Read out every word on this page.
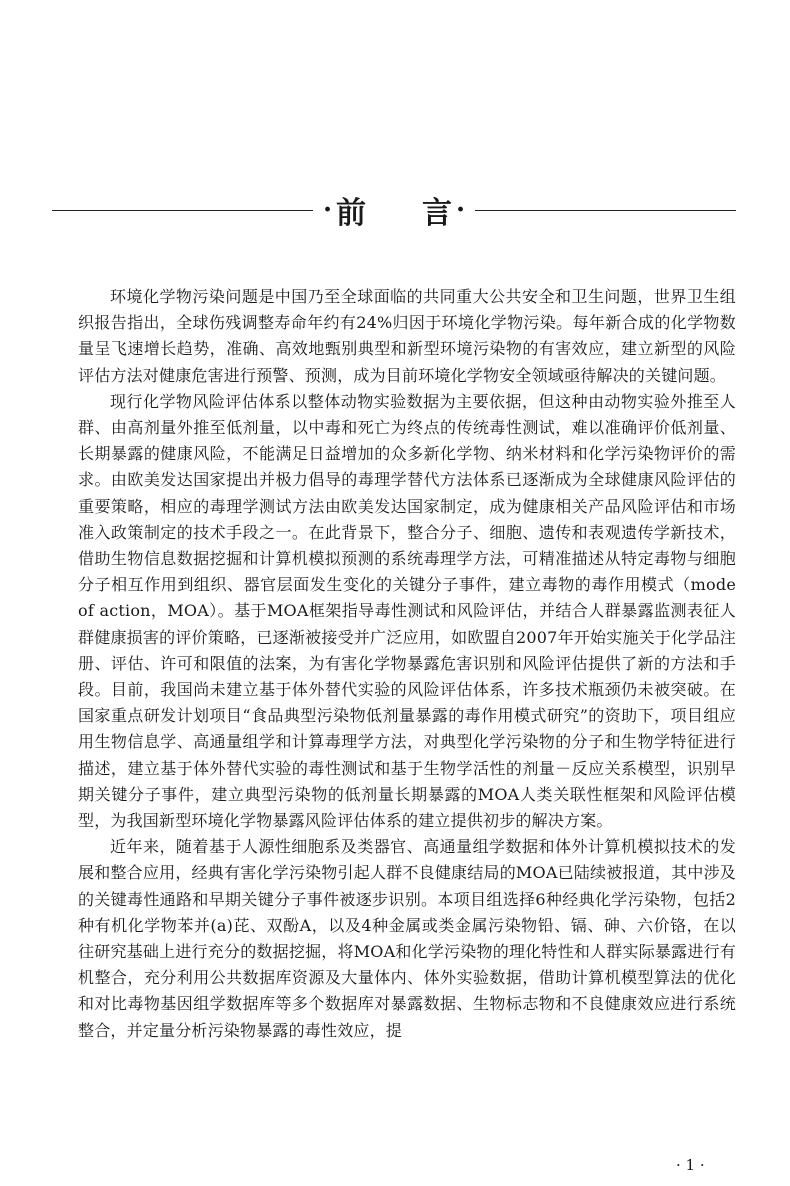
· 前 言 ·

环境化学物污染问题是中国乃至全球面临的共同重大公共安全和卫生问题，世界卫生组织报告指出，全球伤残调整寿命年约有24%归因于环境化学物污染。每年新合成的化学物数量呈飞速增长趋势，准确、高效地甄别典型和新型环境污染物的有害效应，建立新型的风险评估方法对健康危害进行预警、预测，成为目前环境化学物安全领域亟待解决的关键问题。

现行化学物风险评估体系以整体动物实验数据为主要依据，但这种由动物实验外推至人群、由高剂量外推至低剂量，以中毒和死亡为终点的传统毒性测试，难以准确评价低剂量、长期暴露的健康风险，不能满足日益增加的众多新化学物、纳米材料和化学污染物评价的需求。由欧美发达国家提出并极力倡导的毒理学替代方法体系已逐渐成为全球健康风险评估的重要策略，相应的毒理学测试方法由欧美发达国家制定，成为健康相关产品风险评估和市场准入政策制定的技术手段之一。在此背景下，整合分子、细胞、遗传和表观遗传学新技术，借助生物信息数据挖掘和计算机模拟预测的系统毒理学方法，可精准描述从特定毒物与细胞分子相互作用到组织、器官层面发生变化的关键分子事件，建立毒物的毒作用模式（mode of action，MOA）。基于MOA框架指导毒性测试和风险评估，并结合人群暴露监测表征人群健康损害的评价策略，已逐渐被接受并广泛应用，如欧盟自2007年开始实施关于化学品注册、评估、许可和限值的法案，为有害化学物暴露危害识别和风险评估提供了新的方法和手段。目前，我国尚未建立基于体外替代实验的风险评估体系，许多技术瓶颈仍未被突破。在国家重点研发计划项目“食品典型污染物低剂量暴露的毒作用模式研究”的资助下，项目组应用生物信息学、高通量组学和计算毒理学方法，对典型化学污染物的分子和生物学特征进行描述，建立基于体外替代实验的毒性测试和基于生物学活性的剂量－反应关系模型，识别早期关键分子事件，建立典型污染物的低剂量长期暴露的MOA人类关联性框架和风险评估模型，为我国新型环境化学物暴露风险评估体系的建立提供初步的解决方案。

近年来，随着基于人源性细胞系及类器官、高通量组学数据和体外计算机模拟技术的发展和整合应用，经典有害化学污染物引起人群不良健康结局的MOA已陆续被报道，其中涉及的关键毒性通路和早期关键分子事件被逐步识别。本项目组选择6种经典化学污染物，包括2种有机化学物苯并(a)芘、双酚A，以及4种金属或类金属污染物铅、镉、砷、六价铬，在以往研究基础上进行充分的数据挖掘，将MOA和化学污染物的理化特性和人群实际暴露进行有机整合，充分利用公共数据库资源及大量体内、体外实验数据，借助计算机模型算法的优化和对比毒物基因组学数据库等多个数据库对暴露数据、生物标志物和不良健康效应进行系统整合，并定量分析污染物暴露的毒性效应，提

· 1 ·
